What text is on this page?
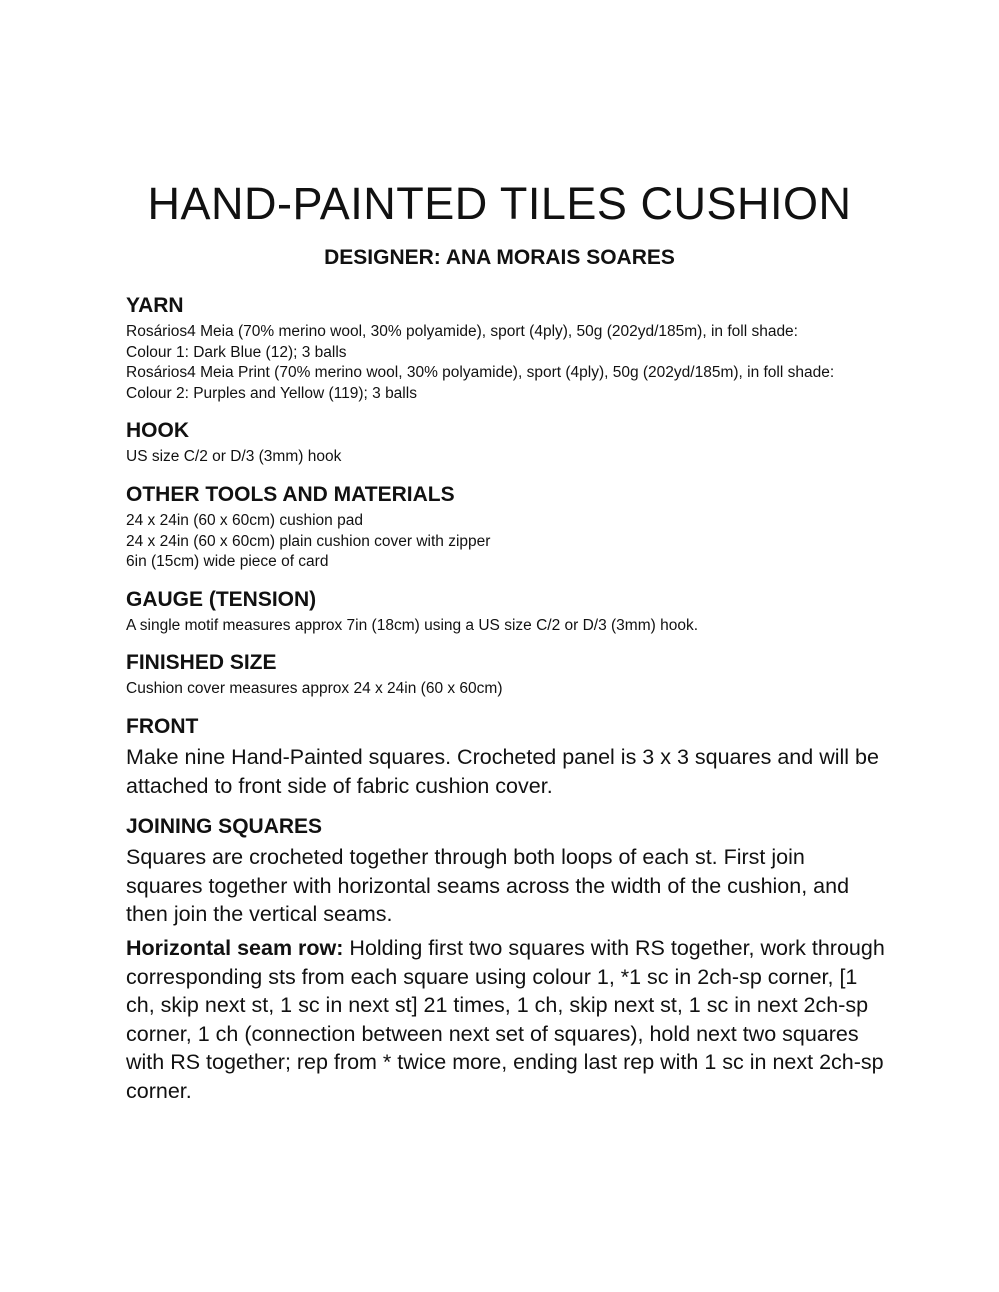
HAND-PAINTED TILES CUSHION
DESIGNER: ANA MORAIS SOARES
YARN

Rosários4 Meia (70% merino wool, 30% polyamide), sport (4ply), 50g (202yd/185m), in foll shade:

Colour 1: Dark Blue (12); 3 balls

Rosários4 Meia Print (70% merino wool, 30% polyamide), sport (4ply), 50g (202yd/185m), in foll shade:

Colour 2: Purples and Yellow (119); 3 balls

HOOK

US size C/2 or D/3 (3mm) hook

OTHER TOOLS AND MATERIALS

24 x 24in (60 x 60cm) cushion pad

24 x 24in (60 x 60cm) plain cushion cover with zipper

6in (15cm) wide piece of card

GAUGE (TENSION)

A single motif measures approx 7in (18cm) using a US size C/2 or D/3 (3mm) hook.

FINISHED SIZE

Cushion cover measures approx 24 x 24in (60 x 60cm)

FRONT

Make nine Hand-Painted squares. Crocheted panel is 3 x 3 squares and will be attached to front side of fabric cushion cover.

JOINING SQUARES

Squares are crocheted together through both loops of each st. First join squares together with horizontal seams across the width of the cushion, and then join the vertical seams.

Horizontal seam row: Holding first two squares with RS together, work through corresponding sts from each square using colour 1, *1 sc in 2ch-sp corner, [1 ch, skip next st, 1 sc in next st] 21 times, 1 ch, skip next st, 1 sc in next 2ch-sp corner, 1 ch (connection between next set of squares), hold next two squares with RS together; rep from * twice more, ending last rep with 1 sc in next 2ch-sp corner.
